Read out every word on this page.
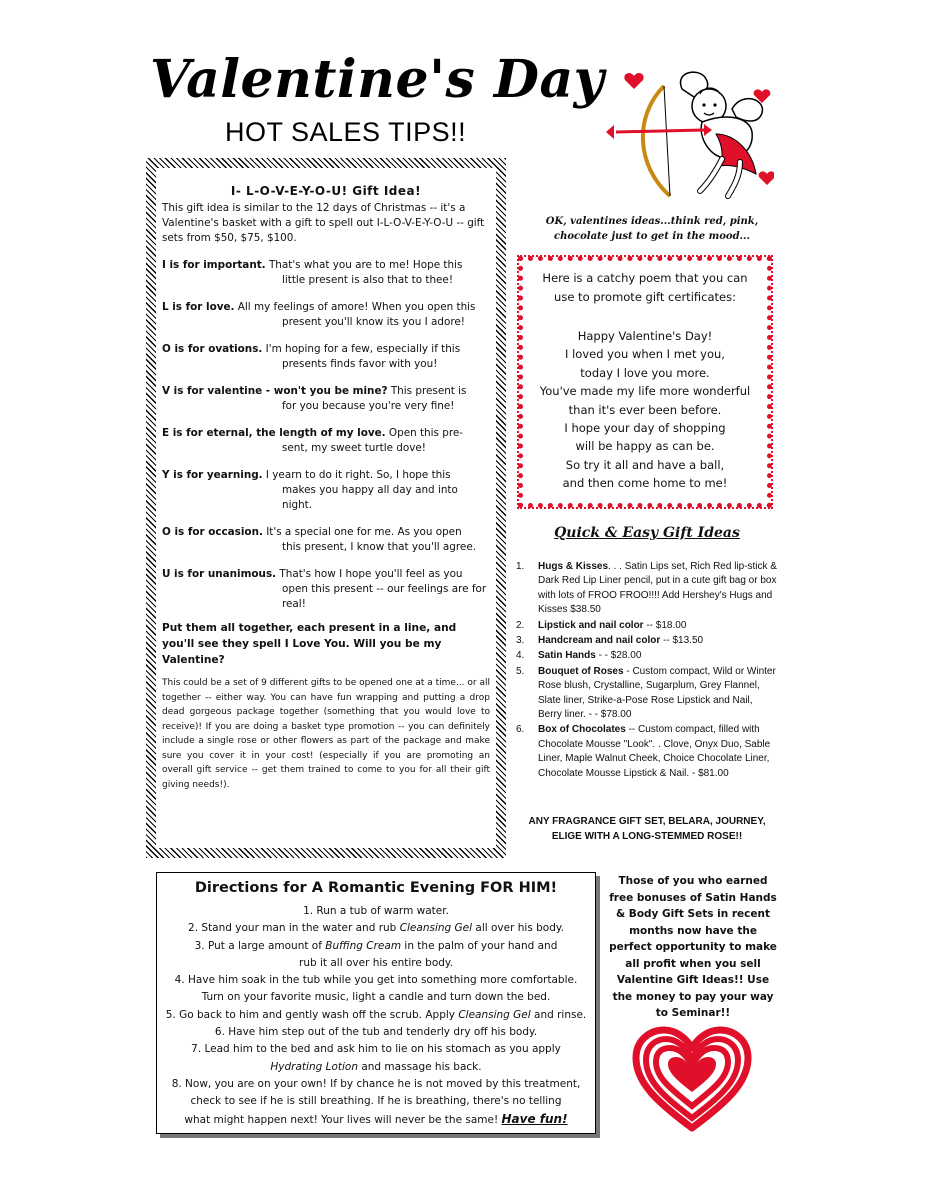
Valentine's Day
HOT SALES TIPS!!
OK, valentines ideas...think red, pink, chocolate just to get in the mood...
I- L-O-V-E-Y-O-U! Gift Idea!
This gift idea is similar to the 12 days of Christmas -- it's a Valentine's basket with a gift to spell out I-L-O-V-E-Y-O-U -- gift sets from $50, $75, $100.
I is for important. That's what you are to me! Hope this
little present is also that to thee!
L is for love. All my feelings of amore! When you open this
present you'll know its you I adore!
O is for ovations. I'm hoping for a few, especially if this
presents finds favor with you!
V is for valentine - won't you be mine? This present is
for you because you're very fine!
E is for eternal, the length of my love. Open this pre-
sent, my sweet turtle dove!
Y is for yearning. I yearn to do it right. So, I hope this
makes you happy all day and into night.
O is for occasion. It's a special one for me. As you open
this present, I know that you'll agree.
U is for unanimous. That's how I hope you'll feel as you
open this present -- our feelings are for real!
Put them all together, each present in a line, and you'll see they spell I Love You. Will you be my Valentine?
This could be a set of 9 different gifts to be opened one at a time... or all together -- either way. You can have fun wrapping and putting a drop dead gorgeous package together (something that you would love to receive)! If you are doing a basket type promotion -- you can definitely include a single rose or other flowers as part of the package and make sure you cover it in your cost! (especially if you are promoting an overall gift service -- get them trained to come to you for all their gift giving needs!).
Here is a catchy poem that you can use to promote gift certificates:
Happy Valentine's Day!
I loved you when I met you,
today I love you more.
You've made my life more wonderful
than it's ever been before.
I hope your day of shopping
will be happy as can be.
So try it all and have a ball,
and then come home to me!
Quick & Easy Gift Ideas
1.	Hugs & Kisses. . . Satin Lips set, Rich Red lip-stick & Dark Red Lip Liner pencil, put in a cute gift bag or box with lots of FROO FROO!!!! Add Hershey's Hugs and Kisses $38.50
2.	Lipstick and nail color -- $18.00
3.	Handcream and nail color -- $13.50
4.	Satin Hands - - $28.00
5.	Bouquet of Roses - Custom compact, Wild or Winter Rose blush, Crystalline, Sugarplum, Grey Flannel, Slate liner, Strike-a-Pose Rose Lipstick and Nail, Berry liner. - - $78.00
6.	Box of Chocolates -- Custom compact, filled with Chocolate Mousse "Look". . Clove, Onyx Duo, Sable Liner, Maple Walnut Cheek, Choice Chocolate Liner, Chocolate Mousse Lipstick & Nail. - $81.00
ANY FRAGRANCE GIFT SET, BELARA, JOURNEY, ELIGE WITH A LONG-STEMMED ROSE!!
Directions for A Romantic Evening FOR HIM!
1. Run a tub of warm water.
2. Stand your man in the water and rub Cleansing Gel all over his body.
3. Put a large amount of Buffing Cream in the palm of your hand and
rub it all over his entire body.
4. Have him soak in the tub while you get into something more comfortable.
Turn on your favorite music, light a candle and turn down the bed.
5. Go back to him and gently wash off the scrub. Apply Cleansing Gel and rinse.
6. Have him step out of the tub and tenderly dry off his body.
7. Lead him to the bed and ask him to lie on his stomach as you apply
Hydrating Lotion and massage his back.
8. Now, you are on your own! If by chance he is not moved by this treatment,
check to see if he is still breathing. If he is breathing, there's no telling
what might happen next! Your lives will never be the same! Have fun!
Those of you who earned free bonuses of Satin Hands & Body Gift Sets in recent months now have the perfect opportunity to make all profit when you sell Valentine Gift Ideas!! Use the money to pay your way to Seminar!!
